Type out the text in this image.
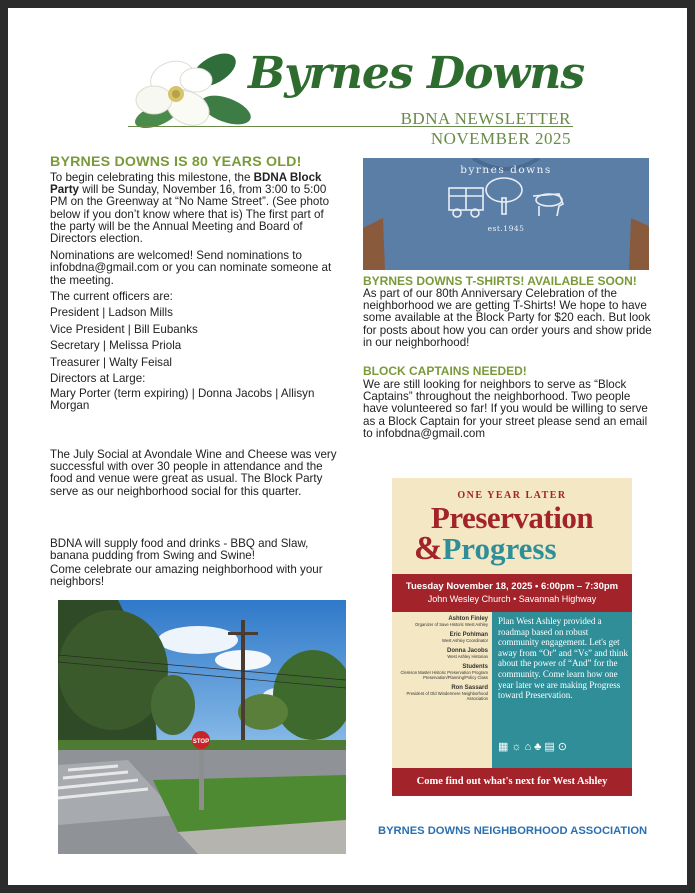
Byrnes Downs
BDNA NEWSLETTER
NOVEMBER 2025
BYRNES DOWNS IS 80 YEARS OLD!

To begin celebrating this milestone, the BDNA Block Party will be Sunday, November 16, from 3:00 to 5:00 PM on the Greenway at “No Name Street”. (See photo below if you don’t know where that is) The first part of the party will be the Annual Meeting and Board of Directors election.

Nominations are welcomed! Send nominations to infobdna@gmail.com or you can nominate someone at the meeting.

The current officers are:

President | Ladson Mills

Vice President | Bill Eubanks

Secretary | Melissa Priola

Treasurer | Walty Feisal

Directors at Large:

Mary Porter (term expiring) | Donna Jacobs | Allisyn Morgan

The July Social at Avondale Wine and Cheese was very successful with over 30 people in attendance and the food and venue were great as usual. The Block Party serve as our neighborhood social for this quarter.
BDNA will supply food and drinks - BBQ and Slaw, banana pudding from Swing and Swine!
Come celebrate our amazing neighborhood with your neighbors!
STOP
byrnes downs
est.1945
BYRNES DOWNS T-SHIRTS! AVAILABLE SOON!
As part of our 80th Anniversary Celebration of the neighborhood we are getting T-Shirts! We hope to have some available at the Block Party for $20 each. But look for posts about how you can order yours and show pride in our neighborhood!
BLOCK CAPTAINS NEEDED!
We are still looking for neighbors to serve as “Block Captains” throughout the neighborhood. Two people have volunteered so far! If you would be willing to serve as a Block Captain for your street please send an email to infobdna@gmail.com
ONE YEAR LATER
Preservation
&Progress
Tuesday November 18, 2025 • 6:00pm – 7:30pm
John Wesley Church • Savannah Highway
Ashton Finley
Organizer of Save Historic West Ashley
Eric Pohlman
West Ashley Coordinator
Donna Jacobs
West Ashley Historian
Students
Clemson Master Historic Preservation Program Preservation/Planning/Policy Class
Ron Sassard
President of Old Windermere Neighborhood Association
Plan West Ashley provided a roadmap based on robust community engagement. Let's get away from “Or” and “Vs” and think about the power of “And” for the community. Come learn how one year later we are making Progress toward Preservation.
▦☼⌂♣▤⊙
Come find out what's next for West Ashley
BYRNES DOWNS NEIGHBORHOOD ASSOCIATION
